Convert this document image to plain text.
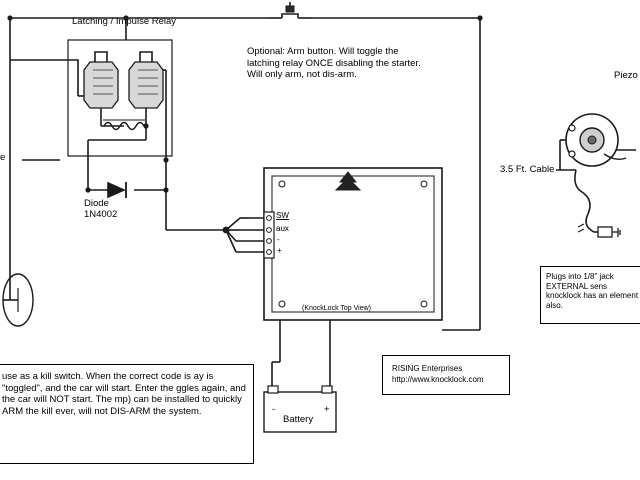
Latching / Impulse Relay
Optional: Arm button. Will toggle the latching relay ONCE disabling the starter. Will only arm, not dis-arm.
Diode
1N4002
e
SW
aux
-
+
(KnockLock Top View)
3.5 Ft. Cable
Piezo
-	+
Battery
RISING Enterprises
http://www.knocklock.com
Plugs into 1/8" jack EXTERNAL sens knocklock has an element also.
use as a kill switch. When the correct code is ay is "toggled", and the car will start. Enter the ggles again, and the car will NOT start. The mp) can be installed to quickly ARM the kill ever, will not DIS-ARM the system.
